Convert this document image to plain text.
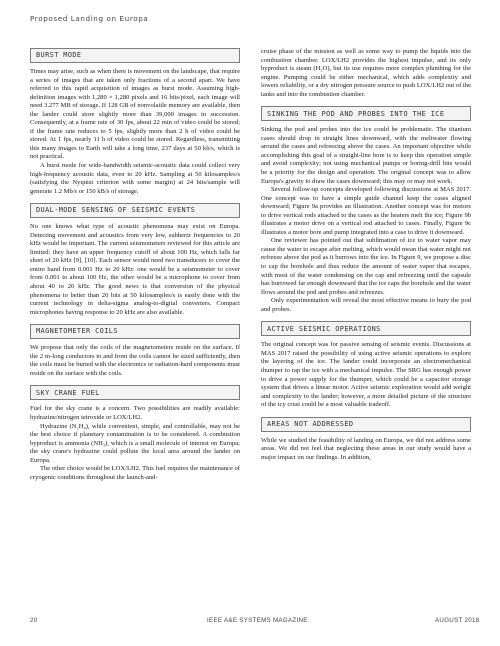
Proposed Landing on Europa
BURST MODE

Times may arise, such as when there is movement on the landscape, that require a series of images that are taken only fractions of a second apart. We have referred to this rapid acquisition of images as burst mode. Assuming high-definition images with 1,280 × 1,280 pixels and 16 bits/pixel, each image will need 3.277 MB of storage. If 128 GB of nonvolatile memory are available, then the lander could store slightly more than 39,000 images in succession. Consequently, at a frame rate of 30 fps, about 22 min of video could be stored; if the frame rate reduces to 5 fps, slightly more than 2 h of video could be stored. At 1 fps, nearly 11 h of video could be stored. Regardless, transmitting this many images to Earth will take a long time, 237 days at 50 kb/s, which is not practical.

A burst mode for wide-bandwidth seismic-acoustic data could collect very high-frequency acoustic data, even to 20 kHz. Sampling at 50 kilosamples/s (satisfying the Nyquist criterion with some margin) at 24 bits/sample will generate 1.2 Mb/s or 150 kB/s of storage.

DUAL-MODE SENSING OF SEISMIC EVENTS

No one knows what type of acoustic phenomena may exist on Europa. Detecting movement and acoustics from very low, subhertz frequencies to 20 kHz would be important. The current seismometers reviewed for this article are limited: they have an upper frequency cutoff of about 100 Hz, which falls far short of 20 kHz [9], [10]. Each sensor would need two transducers to cover the entire band from 0.001 Hz to 20 kHz: one would be a seismometer to cover from 0.001 to about 100 Hz, the other would be a microphone to cover from about 40 to 20 kHz. The good news is that conversion of the physical phenomena to better than 20 bits at 50 kilosamples/s is easily done with the current technology in delta-sigma analog-to-digital converters. Compact microphones having response to 20 kHz are also available.

MAGNETOMETER COILS

We propose that only the coils of the magnetometers reside on the surface. If the 2 m-long conductors to and from the coils cannot be sized sufficiently, then the coils must be buried with the electronics or radiation-hard components must reside on the surface with the coils.

SKY CRANE FUEL

Fuel for the sky crane is a concern. Two possibilities are readily available: hydrazine/nitrogen tetroxide or LOX/LH2.

Hydrazine (N₂H₄), while convenient, simple, and controllable, may not be the best choice if planetary contamination is to be considered. A combustion byproduct is ammonia (NH₃), which is a small molecule of interest on Europa; the sky crane's hydrazine could pollute the local area around the lander on Europa.

The other choice would be LOX/LH2. This fuel requires the maintenance of cryogenic conditions throughout the launch-and-

cruise phase of the mission as well as some way to pump the liquids into the combustion chamber. LOX/LH2 provides the highest impulse, and its only byproduct is steam (H₂O), but its use requires more complex plumbing for the engine. Pumping could be either mechanical, which adds complexity and lowers reliability, or a dry nitrogen pressure source to push LOX/LH2 out of the tanks and into the combustion chamber.

SINKING THE POD AND PROBES INTO THE ICE

Sinking the pod and probes into the ice could be problematic. The titanium cases should drop in straight lines downward, with the meltwater flowing around the cases and refreezing above the cases. An important objective while accomplishing this goal of a straight-line bore is to keep this operation simple and avoid complexity; not using mechanical pumps or boring-drill bits would be a priority for the design and operation. The original concept was to allow Europa's gravity to draw the cases downward; this may or may not work.

Several follow-up concepts developed following discussions at MAS 2017. One concept was to have a simple guide channel keep the cases aligned downward; Figure 9a provides an illustration. Another concept was for motors to drive vertical rods attached to the cases as the heaters melt the ice; Figure 9b illustrates a motor drive on a vertical rod attached to cases. Finally, Figure 9c illustrates a motor bore and pump integrated into a case to drive it downward.

One reviewer has pointed out that sublimation of ice to water vapor may cause the water to escape after melting, which would mean that water might not refreeze above the pod as it burrows into the ice. In Figure 9, we propose a disc to cap the borehole and thus reduce the amount of water vapor that escapes, with most of the water condensing on the cap and refreezing until the capsule has burrowed far enough downward that the ice caps the borehole and the water flows around the pod and probes and refreezes.

Only experimentation will reveal the most effective means to bury the pod and probes.

ACTIVE SEISMIC OPERATIONS

The original concept was for passive sensing of seismic events. Discussions at MAS 2017 raised the possibility of using active seismic operations to explore the layering of the ice. The lander could incorporate an electromechanical thumper to rap the ice with a mechanical impulse. The SRG has enough power to drive a power supply for the thumper, which could be a capacitor storage system that drives a linear motor. Active seismic exploration would add weight and complexity to the lander; however, a more detailed picture of the structure of the icy crust could be a most valuable tradeoff.

AREAS NOT ADDRESSED

While we studied the feasibility of landing on Europa, we did not address some areas. We did not feel that neglecting these areas in our study would have a major impact on our findings. In addition,

20	IEEE A&E SYSTEMS MAGAZINE	AUGUST 2018
